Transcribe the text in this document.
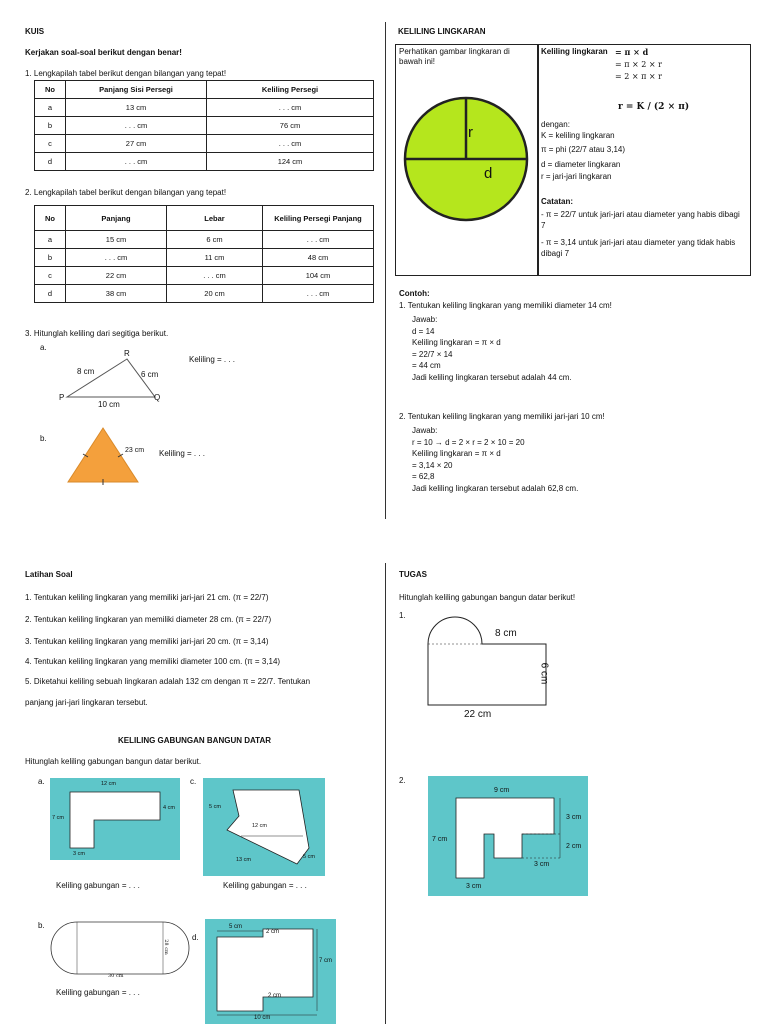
KUIS
Kerjakan soal-soal berikut dengan benar!
1. Lengkapilah tabel berikut dengan bilangan yang tepat!
No	Panjang Sisi Persegi	Keliling Persegi
a	13 cm	. . . cm
b	. . . cm	76 cm
c	27 cm	. . . cm
d	. . . cm	124 cm
2. Lengkapilah tabel berikut dengan bilangan yang tepat!
No	Panjang	Lebar	Keliling Persegi Panjang
a	15 cm	6 cm	. . . cm
b	. . . cm	11 cm	48 cm
c	22 cm	. . . cm	104 cm
d	38 cm	20 cm	. . . cm
3. Hitunglah keliling dari segitiga berikut.
a.
R
P	Q
8 cm	6 cm
10 cm
Keliling = . . .
b.
23 cm Keliling = . . .
KELILING LINGKARAN
Perhatikan gambar lingkaran di bawah ini!
r
d
Keliling lingkaran = π × d
= π × 2 × r
= 2 × π × r
r = K / (2 × π)
dengan:
K = keliling lingkaran
π = phi (22/7 atau 3,14)
d = diameter lingkaran
r = jari-jari lingkaran
Catatan:
- π = 22/7 untuk jari-jari atau diameter yang habis dibagi 7
- π = 3,14 untuk jari-jari atau diameter yang tidak habis dibagi 7
Contoh:
1. Tentukan keliling lingkaran yang memiliki diameter 14 cm!
Jawab:
d = 14
Keliling lingkaran = π × d
= 22/7 × 14
= 44 cm
Jadi keliling lingkaran tersebut adalah 44 cm.
2. Tentukan keliling lingkaran yang memiliki jari-jari 10 cm!
Jawab:
r = 10 → d = 2 × r = 2 × 10 = 20
Keliling lingkaran = π × d
= 3,14 × 20
= 62,8
Jadi keliling lingkaran tersebut adalah 62,8 cm.
Latihan Soal
1. Tentukan keliling lingkaran yang memiliki jari-jari 21 cm. (π = 22/7)
2. Tentukan keliling lingkaran yan memiliki diameter 28 cm. (π = 22/7)
3. Tentukan keliling lingkaran yang memiliki jari-jari 20 cm. (π = 3,14)
4. Tentukan keliling lingkaran yang memiliki diameter 100 cm. (π = 3,14)
5. Diketahui keliling sebuah lingkaran adalah 132 cm dengan π = 22/7. Tentukan
panjang jari-jari lingkaran tersebut.
KELILING GABUNGAN BANGUN DATAR
Hitunglah keliling gabungan bangun datar berikut.
a.	12 cm
4 cm
7 cm
3 cm
Keliling gabungan = . . .
c.
5 cm
12 cm
5 cm
13 cm
Keliling gabungan = . . .
b.
30 cm
28 cm
Keliling gabungan = . . .
d.
5 cm
2 cm
7 cm
2 cm
10 cm
TUGAS
Hitunglah keliling gabungan bangun datar berikut!
1.
8 cm
6 cm
22 cm
2.
9 cm
3 cm
7 cm
2 cm
3 cm
3 cm
